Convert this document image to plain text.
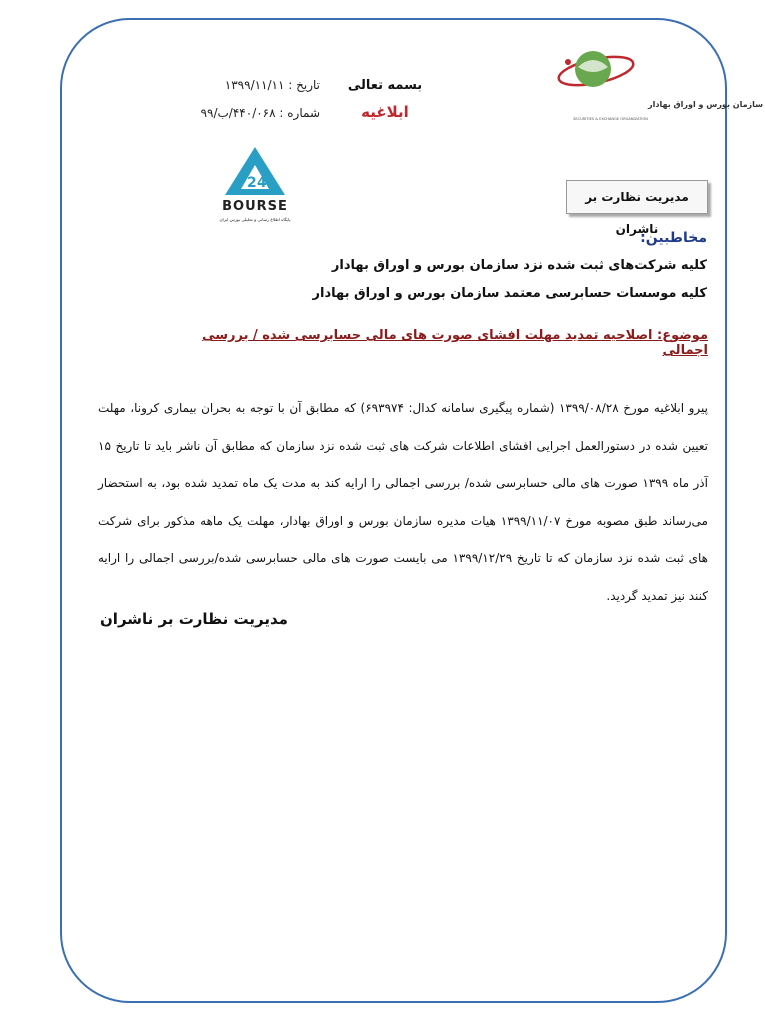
سازمان بورس و اوراق بهادار
SECURITIES & EXCHANGE ORGANIZATION
بسمه تعالی
ابلاغیه
تاریخ : ۱۳۹۹/۱۱/۱۱
شماره : ۴۴۰/۰۶۸/ب/۹۹
2 4
BOURSE
پایگاه اطلاع رسانی و تحلیلی بورس ایران
مدیریت نظارت بر ناشران
مخاطبین:
کلیه شرکت‌های ثبت شده نزد سازمان بورس و اوراق بهادار
کلیه موسسات حسابرسی معتمد سازمان بورس و اوراق بهادار
موضوع: اصلاحیه تمدید مهلت افشای صورت های مالی حسابرسی شده / بررسی اجمالی
پیرو ابلاغیه مورخ ۱۳۹۹/۰۸/۲۸ (شماره پیگیری سامانه کدال: ۶۹۳۹۷۴) که مطابق آن با توجه به بحران بیماری کرونا، مهلت تعیین شده در دستورالعمل اجرایی افشای اطلاعات شرکت های ثبت شده نزد سازمان که مطابق آن ناشر باید تا تاریخ ۱۵ آذر ماه ۱۳۹۹ صورت های مالی حسابرسی شده/ بررسی اجمالی را ارایه کند به مدت یک ماه تمدید شده بود، به استحضار می‌رساند طبق مصوبه مورخ ۱۳۹۹/۱۱/۰۷ هیات مدیره سازمان بورس و اوراق بهادار، مهلت یک ماهه مذکور برای شرکت های ثبت شده نزد سازمان که تا تاریخ ۱۳۹۹/۱۲/۲۹ می بایست صورت های مالی حسابرسی شده/بررسی اجمالی را ارایه کنند نیز تمدید گردید.
مدیریت نظارت بر ناشران
